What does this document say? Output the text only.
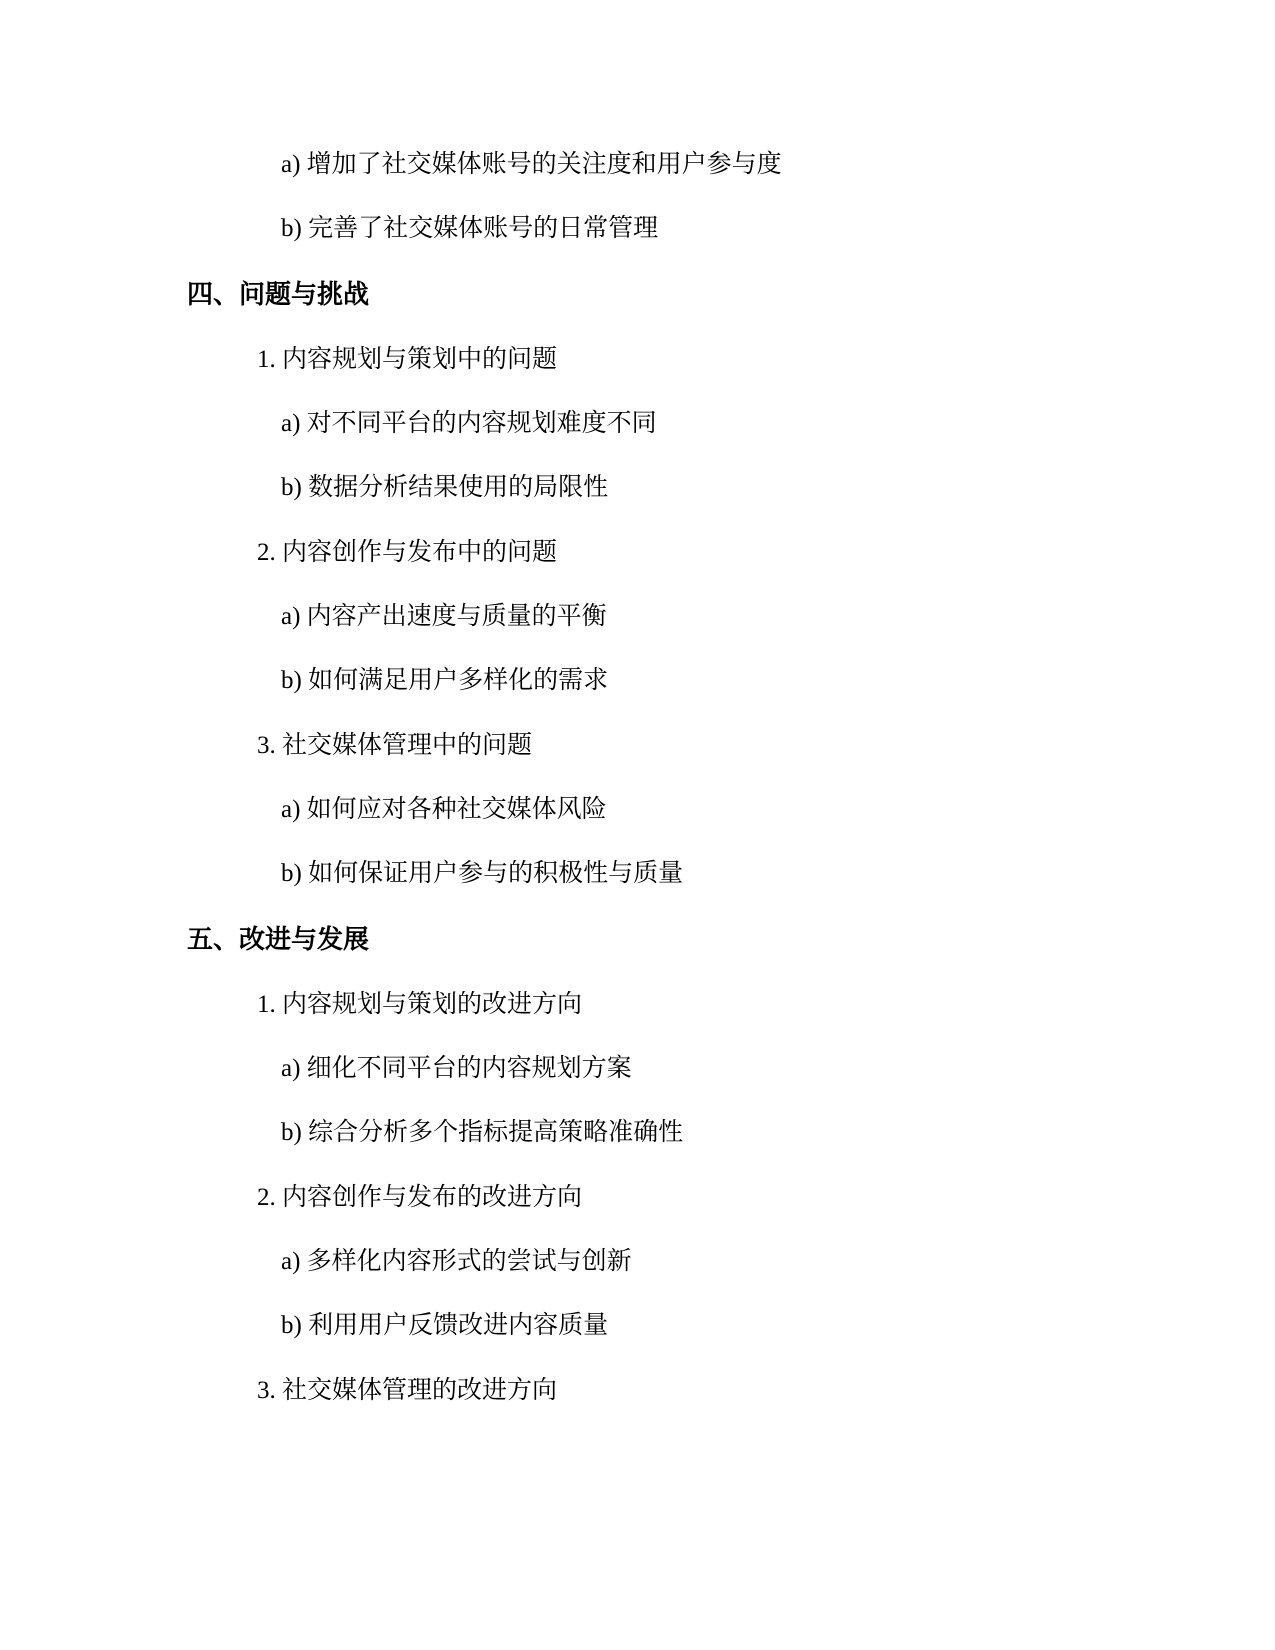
a) 增加了社交媒体账号的关注度和用户参与度
b) 完善了社交媒体账号的日常管理
四、问题与挑战
1. 内容规划与策划中的问题
a) 对不同平台的内容规划难度不同
b) 数据分析结果使用的局限性
2. 内容创作与发布中的问题
a) 内容产出速度与质量的平衡
b) 如何满足用户多样化的需求
3. 社交媒体管理中的问题
a) 如何应对各种社交媒体风险
b) 如何保证用户参与的积极性与质量
五、改进与发展
1. 内容规划与策划的改进方向
a) 细化不同平台的内容规划方案
b) 综合分析多个指标提高策略准确性
2. 内容创作与发布的改进方向
a) 多样化内容形式的尝试与创新
b) 利用用户反馈改进内容质量
3. 社交媒体管理的改进方向
